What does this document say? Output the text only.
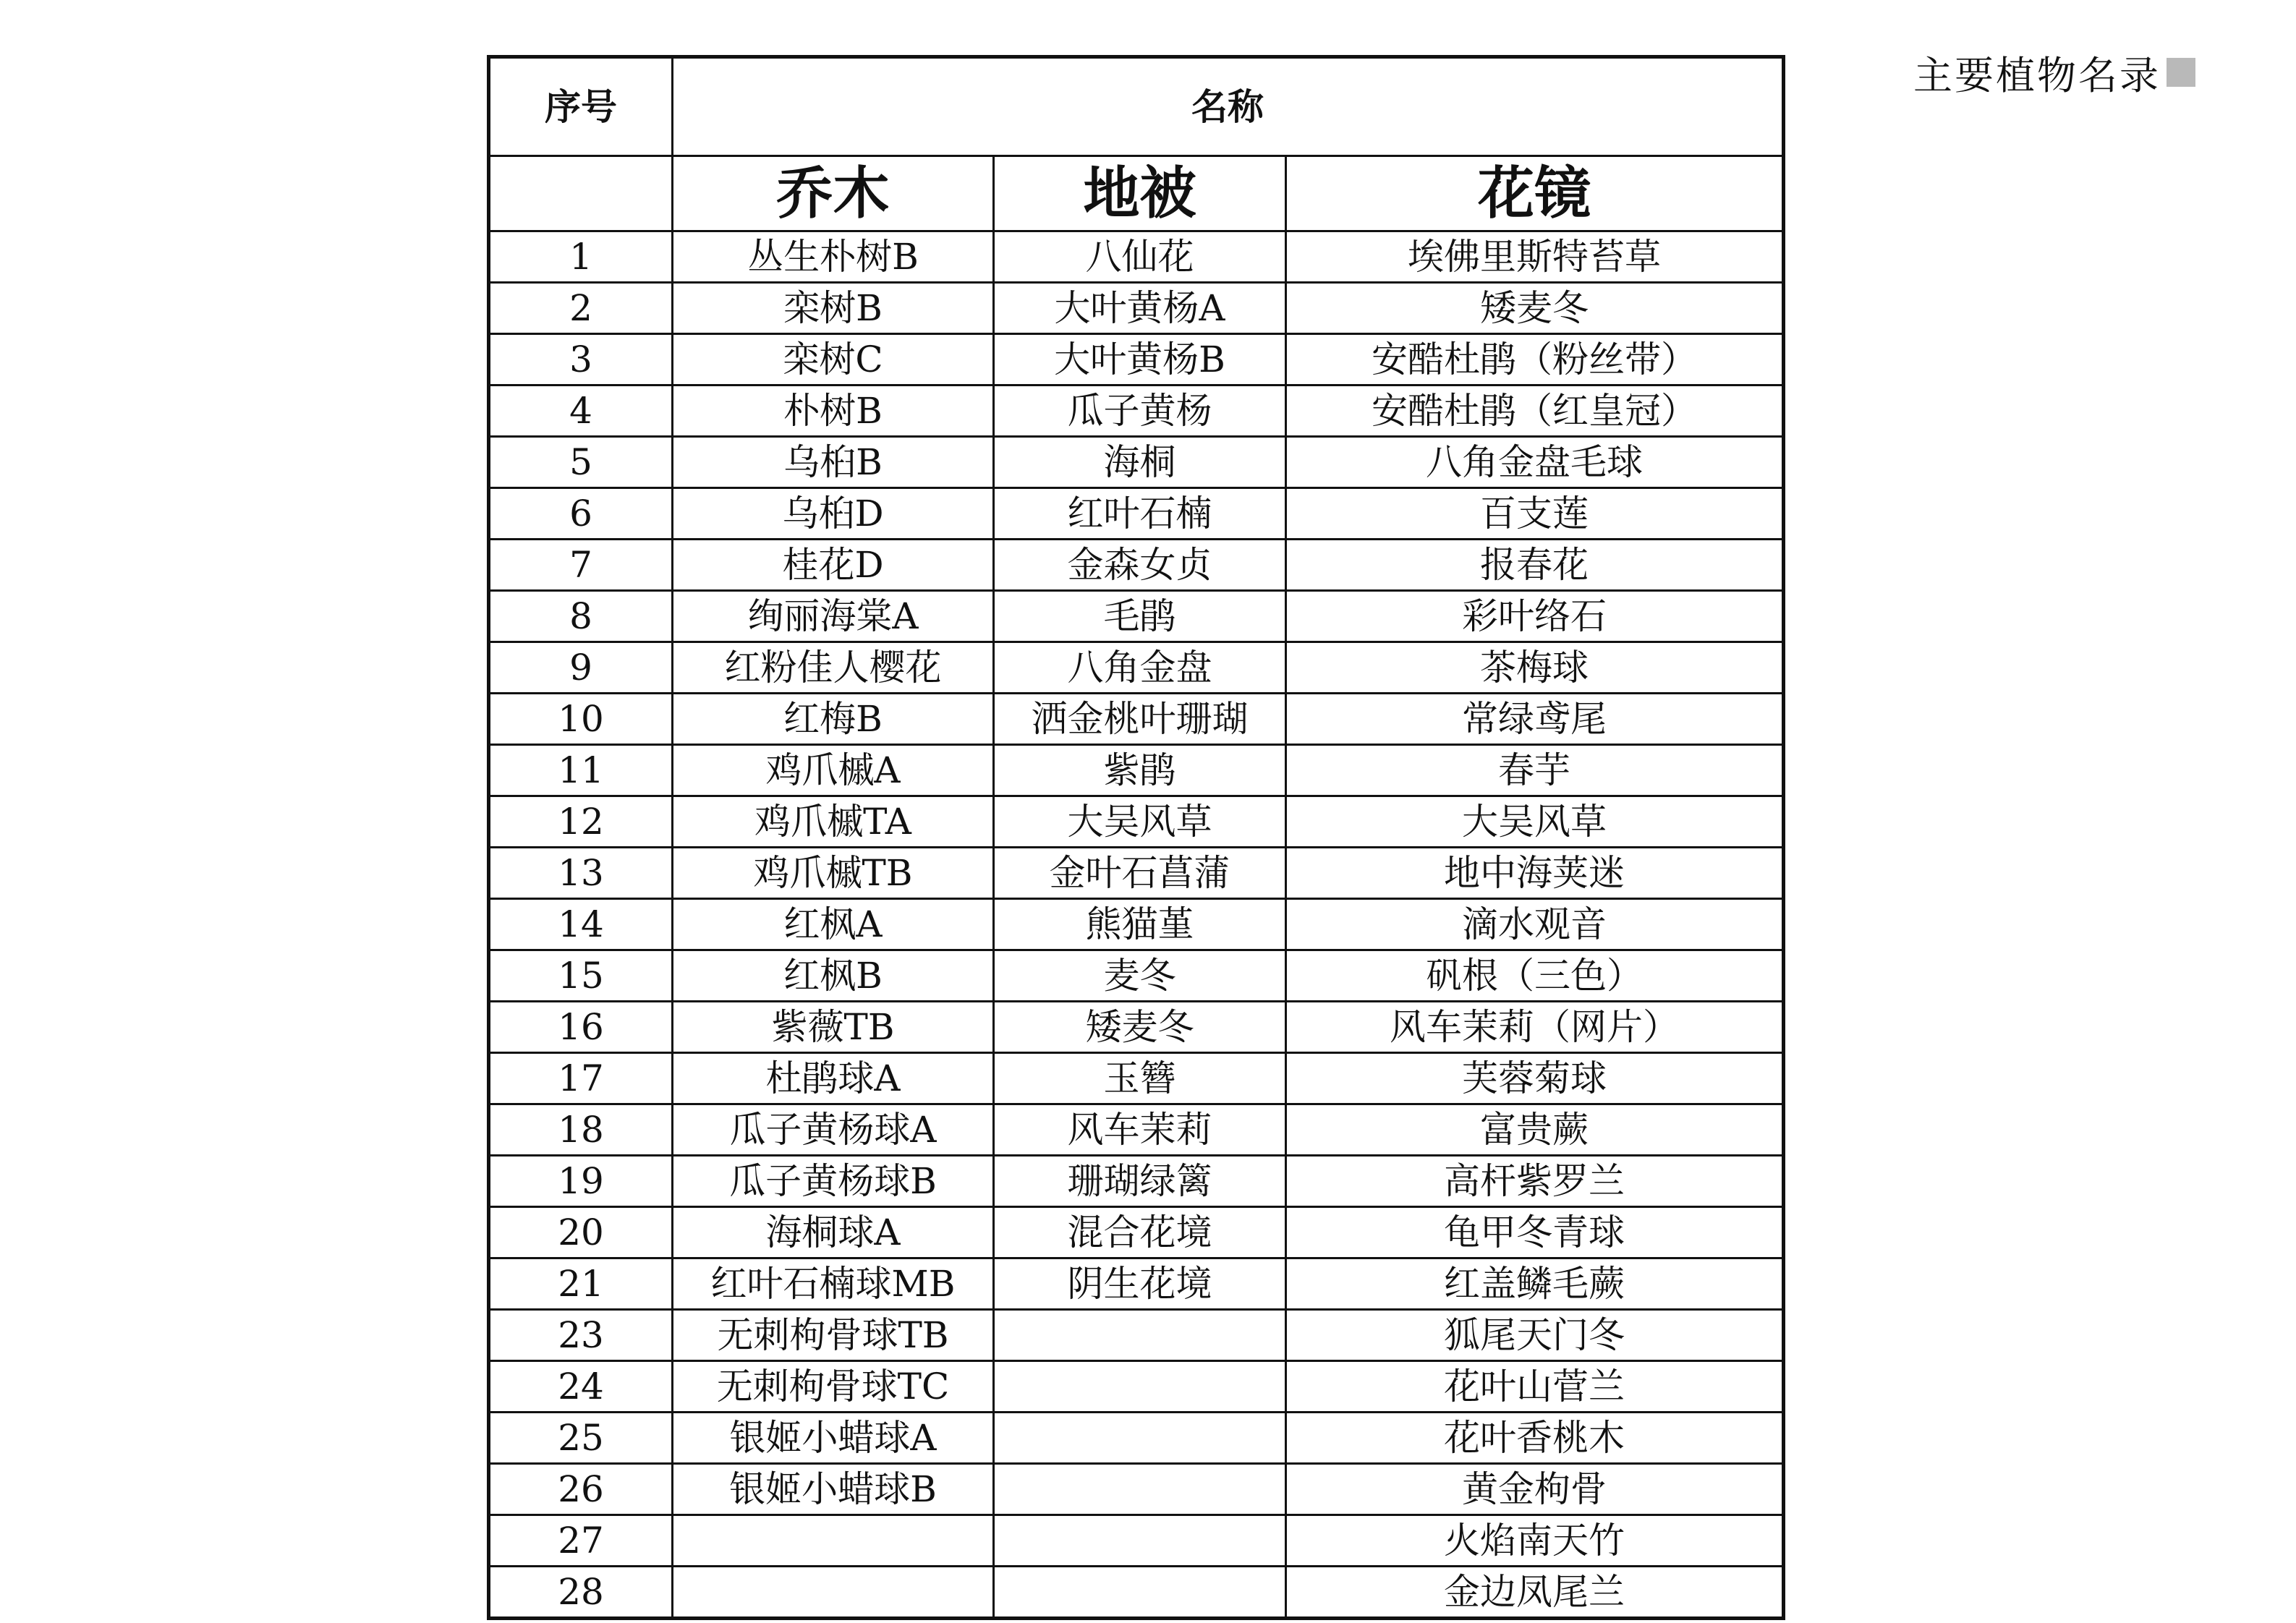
主要植物名录
序号	名称		
	乔木	地被	花镜
1	丛生朴树B	八仙花	埃佛里斯特苔草
2	栾树B	大叶黄杨A	矮麦冬
3	栾树C	大叶黄杨B	安酷杜鹃（粉丝带）
4	朴树B	瓜子黄杨	安酷杜鹃（红皇冠）
5	乌桕B	海桐	八角金盘毛球
6	乌桕D	红叶石楠	百支莲
7	桂花D	金森女贞	报春花
8	绚丽海棠A	毛鹃	彩叶络石
9	红粉佳人樱花	八角金盘	茶梅球
10	红梅B	洒金桃叶珊瑚	常绿鸢尾
11	鸡爪槭A	紫鹃	春芋
12	鸡爪槭TA	大吴风草	大吴风草
13	鸡爪槭TB	金叶石菖蒲	地中海荚迷
14	红枫A	熊猫堇	滴水观音
15	红枫B	麦冬	矾根（三色）
16	紫薇TB	矮麦冬	风车茉莉（网片）
17	杜鹃球A	玉簪	芙蓉菊球
18	瓜子黄杨球A	风车茉莉	富贵蕨
19	瓜子黄杨球B	珊瑚绿篱	高杆紫罗兰
20	海桐球A	混合花境	龟甲冬青球
21	红叶石楠球MB	阴生花境	红盖鳞毛蕨
23	无刺枸骨球TB		狐尾天门冬
24	无刺枸骨球TC		花叶山菅兰
25	银姬小蜡球A		花叶香桃木
26	银姬小蜡球B		黄金枸骨
27			火焰南天竹
28			金边凤尾兰
